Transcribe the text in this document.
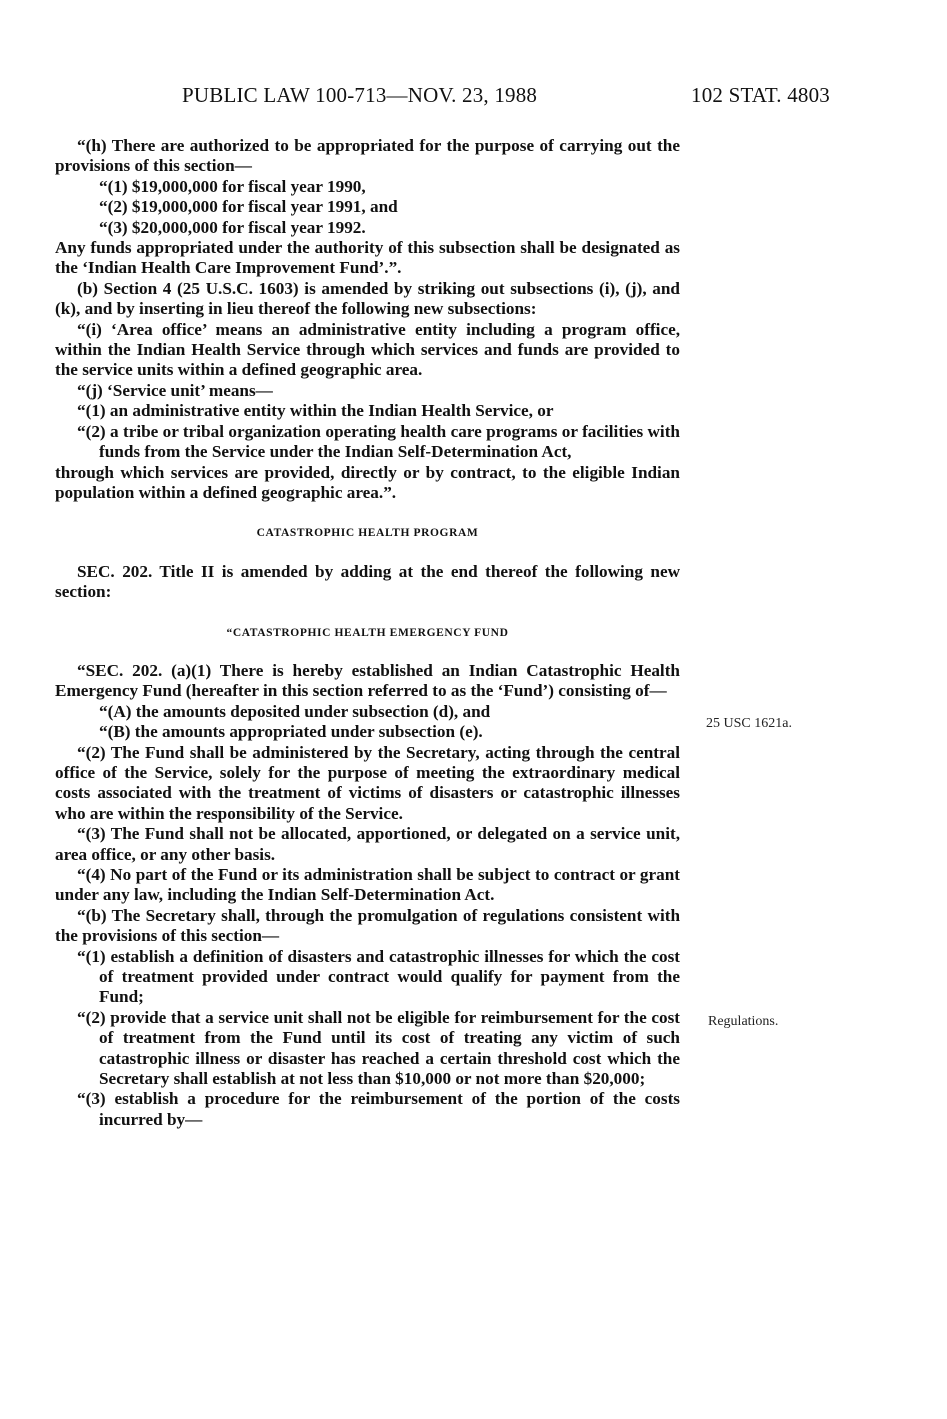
PUBLIC LAW 100-713—NOV. 23, 1988	102 STAT. 4803
25 USC 1621a.
Regulations.

“(h) There are authorized to be appropriated for the purpose of carrying out the provisions of this section—

“(1) $19,000,000 for fiscal year 1990,

“(2) $19,000,000 for fiscal year 1991, and

“(3) $20,000,000 for fiscal year 1992.

Any funds appropriated under the authority of this subsection shall be designated as the ‘Indian Health Care Improvement Fund’.”.

(b) Section 4 (25 U.S.C. 1603) is amended by striking out subsections (i), (j), and (k), and by inserting in lieu thereof the following new subsections:

“(i) ‘Area office’ means an administrative entity including a program office, within the Indian Health Service through which services and funds are provided to the service units within a defined geographic area.

“(j) ‘Service unit’ means—

“(1) an administrative entity within the Indian Health Service, or

“(2) a tribe or tribal organization operating health care programs or facilities with funds from the Service under the Indian Self-Determination Act,

through which services are provided, directly or by contract, to the eligible Indian population within a defined geographic area.”.

CATASTROPHIC HEALTH PROGRAM

SEC. 202. Title II is amended by adding at the end thereof the following new section:

“CATASTROPHIC HEALTH EMERGENCY FUND

“SEC. 202. (a)(1) There is hereby established an Indian Catastrophic Health Emergency Fund (hereafter in this section referred to as the ‘Fund’) consisting of—

“(A) the amounts deposited under subsection (d), and

“(B) the amounts appropriated under subsection (e).

“(2) The Fund shall be administered by the Secretary, acting through the central office of the Service, solely for the purpose of meeting the extraordinary medical costs associated with the treatment of victims of disasters or catastrophic illnesses who are within the responsibility of the Service.

“(3) The Fund shall not be allocated, apportioned, or delegated on a service unit, area office, or any other basis.

“(4) No part of the Fund or its administration shall be subject to contract or grant under any law, including the Indian Self-Determination Act.

“(b) The Secretary shall, through the promulgation of regulations consistent with the provisions of this section—

“(1) establish a definition of disasters and catastrophic illnesses for which the cost of treatment provided under contract would qualify for payment from the Fund;

“(2) provide that a service unit shall not be eligible for reimbursement for the cost of treatment from the Fund until its cost of treating any victim of such catastrophic illness or disaster has reached a certain threshold cost which the Secretary shall establish at not less than $10,000 or not more than $20,000;

“(3) establish a procedure for the reimbursement of the portion of the costs incurred by—
